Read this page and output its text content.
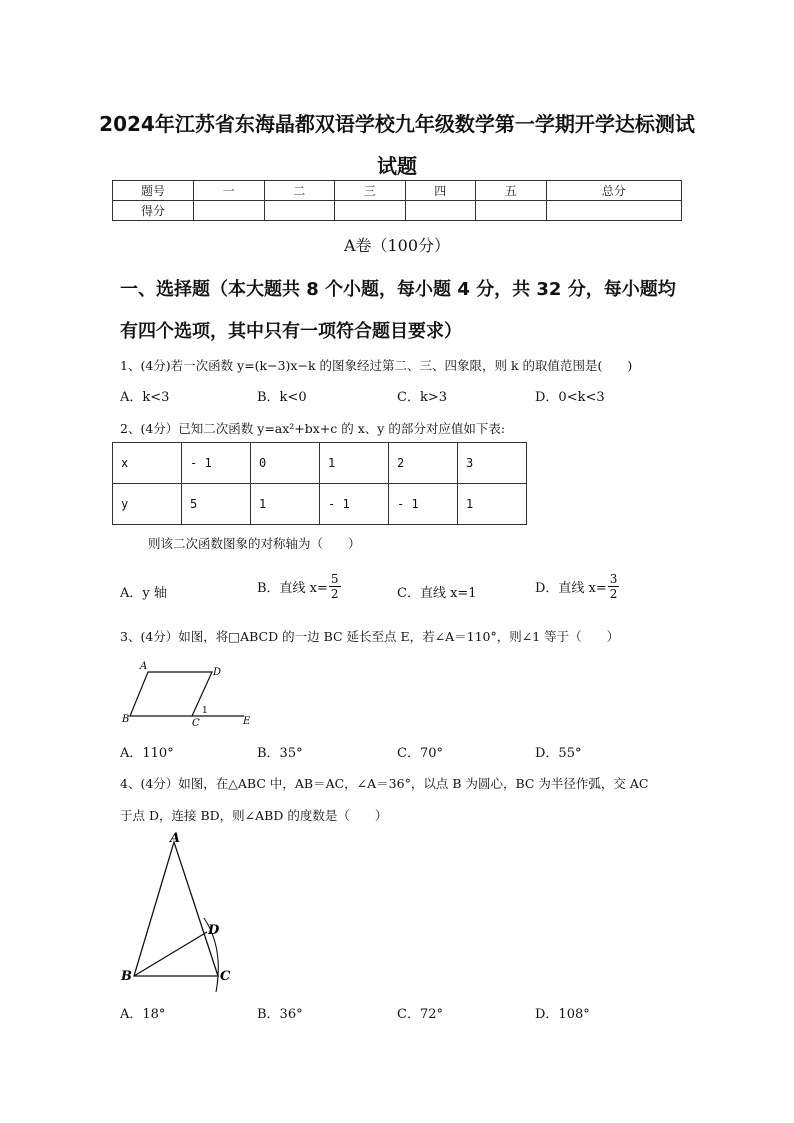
2024年江苏省东海晶都双语学校九年级数学第一学期开学达标测试
试题
题号	一	二	三	四	五	总分
得分						
A卷（100分）
一、选择题（本大题共 8 个小题，每小题 4 分，共 32 分，每小题均
有四个选项，其中只有一项符合题目要求）
1、(4分)若一次函数 y=(k−3)x−k 的图象经过第二、三、四象限，则 k 的取值范围是(　　)
A．k<3	B．k<0	C．k>3	D．0<k<3
2、(4分）已知二次函数 y=ax²+bx+c 的 x、y 的部分对应值如下表:
x	- 1	0	1	2	3
y	5	1	- 1	- 1	1
则该二次函数图象的对称轴为（　　）
A．y 轴	B．直线 $x= \frac{5}{2}$	C．直线 x=1	D．直线 $x= \frac{3}{2}$
3、(4分）如图，将□ABCD 的一边 BC 延长至点 E，若∠A＝110°，则∠1 等于（　　）
A
D
B	C
1
E
A．110°	B．35°	C．70°	D．55°
4、(4分）如图，在△ABC 中，AB＝AC，∠A＝36°，以点 B 为圆心，BC 为半径作弧，交 AC
于点 D，连接 BD，则∠ABD 的度数是（　　）
A
D
B	C
A．18°	B．36°	C．72°	D．108°
